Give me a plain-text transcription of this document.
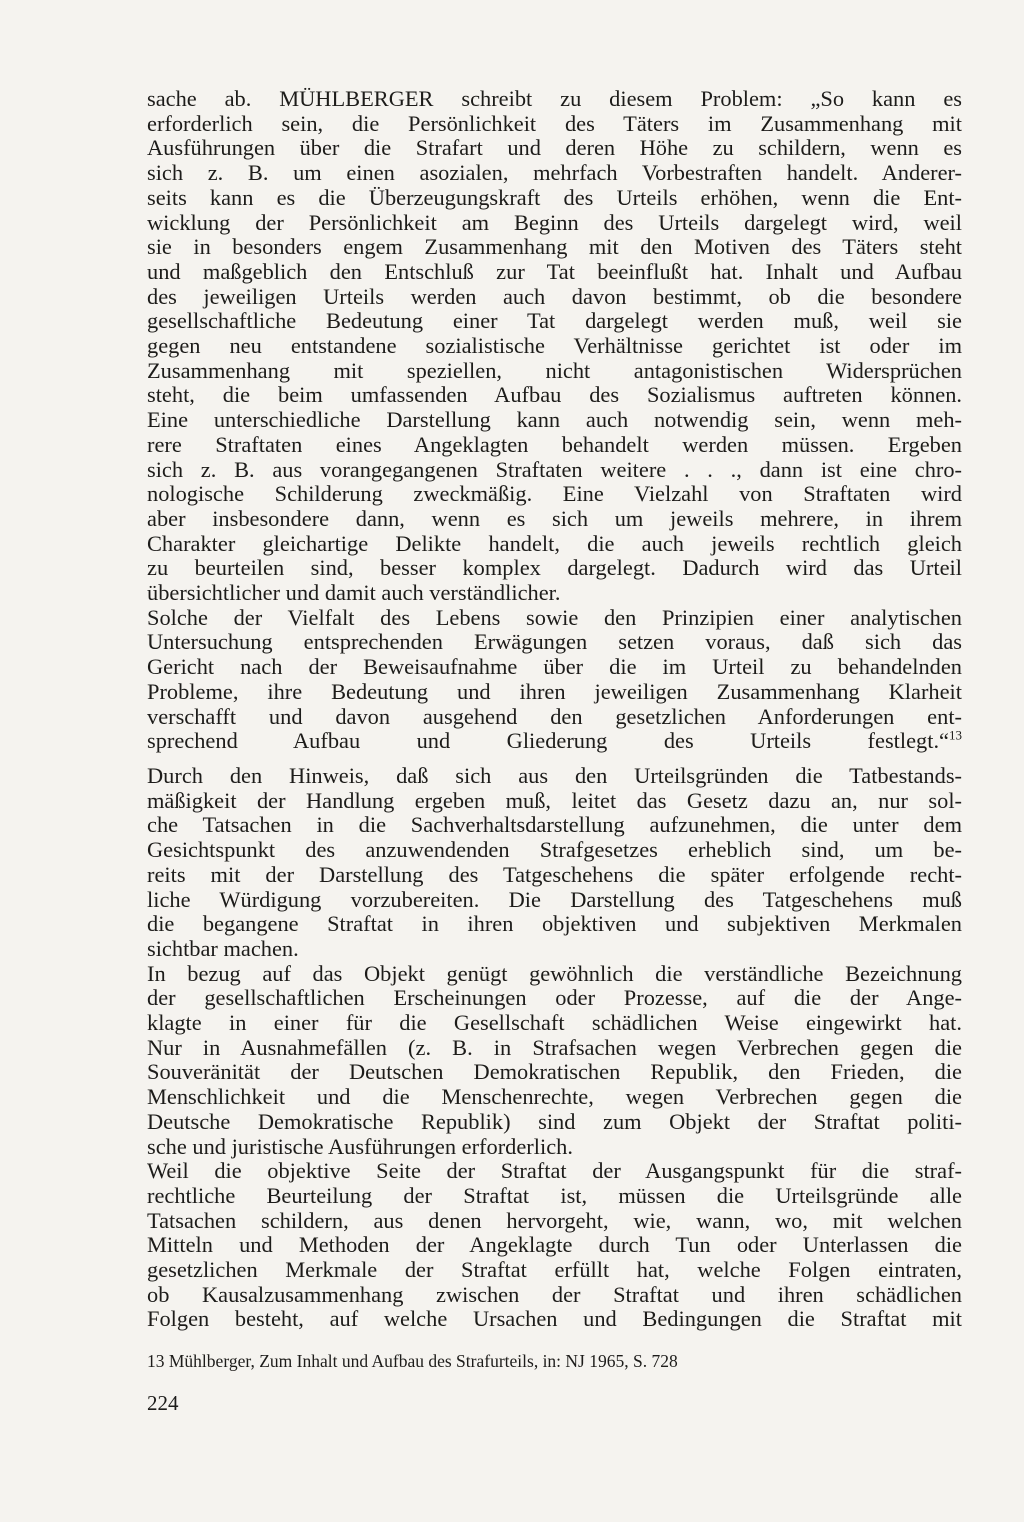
sache ab. MÜHLBERGER schreibt zu diesem Problem: „So kann es
erforderlich sein, die Persönlichkeit des Täters im Zusammenhang mit
Ausführungen über die Strafart und deren Höhe zu schildern, wenn es
sich z. B. um einen asozialen, mehrfach Vorbestraften handelt. Anderer-
seits kann es die Überzeugungskraft des Urteils erhöhen, wenn die Ent-
wicklung der Persönlichkeit am Beginn des Urteils dargelegt wird, weil
sie in besonders engem Zusammenhang mit den Motiven des Täters steht
und maßgeblich den Entschluß zur Tat beeinflußt hat. Inhalt und Aufbau
des jeweiligen Urteils werden auch davon bestimmt, ob die besondere
gesellschaftliche Bedeutung einer Tat dargelegt werden muß, weil sie
gegen neu entstandene sozialistische Verhältnisse gerichtet ist oder im
Zusammenhang mit speziellen, nicht antagonistischen Widersprüchen
steht, die beim umfassenden Aufbau des Sozialismus auftreten können.
Eine unterschiedliche Darstellung kann auch notwendig sein, wenn meh-
rere Straftaten eines Angeklagten behandelt werden müssen. Ergeben
sich z. B. aus vorangegangenen Straftaten weitere . . ., dann ist eine chro-
nologische Schilderung zweckmäßig. Eine Vielzahl von Straftaten wird
aber insbesondere dann, wenn es sich um jeweils mehrere, in ihrem
Charakter gleichartige Delikte handelt, die auch jeweils rechtlich gleich
zu beurteilen sind, besser komplex dargelegt. Dadurch wird das Urteil
übersichtlicher und damit auch verständlicher.

Solche der Vielfalt des Lebens sowie den Prinzipien einer analytischen
Untersuchung entsprechenden Erwägungen setzen voraus, daß sich das
Gericht nach der Beweisaufnahme über die im Urteil zu behandelnden
Probleme, ihre Bedeutung und ihren jeweiligen Zusammenhang Klarheit
verschafft und davon ausgehend den gesetzlichen Anforderungen ent-
sprechend Aufbau und Gliederung des Urteils festlegt.“$^{13}$

Durch den Hinweis, daß sich aus den Urteilsgründen die Tatbestands-
mäßigkeit der Handlung ergeben muß, leitet das Gesetz dazu an, nur sol-
che Tatsachen in die Sachverhaltsdarstellung aufzunehmen, die unter dem
Gesichtspunkt des anzuwendenden Strafgesetzes erheblich sind, um be-
reits mit der Darstellung des Tatgeschehens die später erfolgende recht-
liche Würdigung vorzubereiten. Die Darstellung des Tatgeschehens muß
die begangene Straftat in ihren objektiven und subjektiven Merkmalen
sichtbar machen.

In bezug auf das Objekt genügt gewöhnlich die verständliche Bezeichnung
der gesellschaftlichen Erscheinungen oder Prozesse, auf die der Ange-
klagte in einer für die Gesellschaft schädlichen Weise eingewirkt hat.
Nur in Ausnahmefällen (z. B. in Strafsachen wegen Verbrechen gegen die
Souveränität der Deutschen Demokratischen Republik, den Frieden, die
Menschlichkeit und die Menschenrechte, wegen Verbrechen gegen die
Deutsche Demokratische Republik) sind zum Objekt der Straftat politi-
sche und juristische Ausführungen erforderlich.

Weil die objektive Seite der Straftat der Ausgangspunkt für die straf-
rechtliche Beurteilung der Straftat ist, müssen die Urteilsgründe alle
Tatsachen schildern, aus denen hervorgeht, wie, wann, wo, mit welchen
Mitteln und Methoden der Angeklagte durch Tun oder Unterlassen die
gesetzlichen Merkmale der Straftat erfüllt hat, welche Folgen eintraten,
ob Kausalzusammenhang zwischen der Straftat und ihren schädlichen
Folgen besteht, auf welche Ursachen und Bedingungen die Straftat mit

13 Mühlberger, Zum Inhalt und Aufbau des Strafurteils, in: NJ 1965, S. 728
224
